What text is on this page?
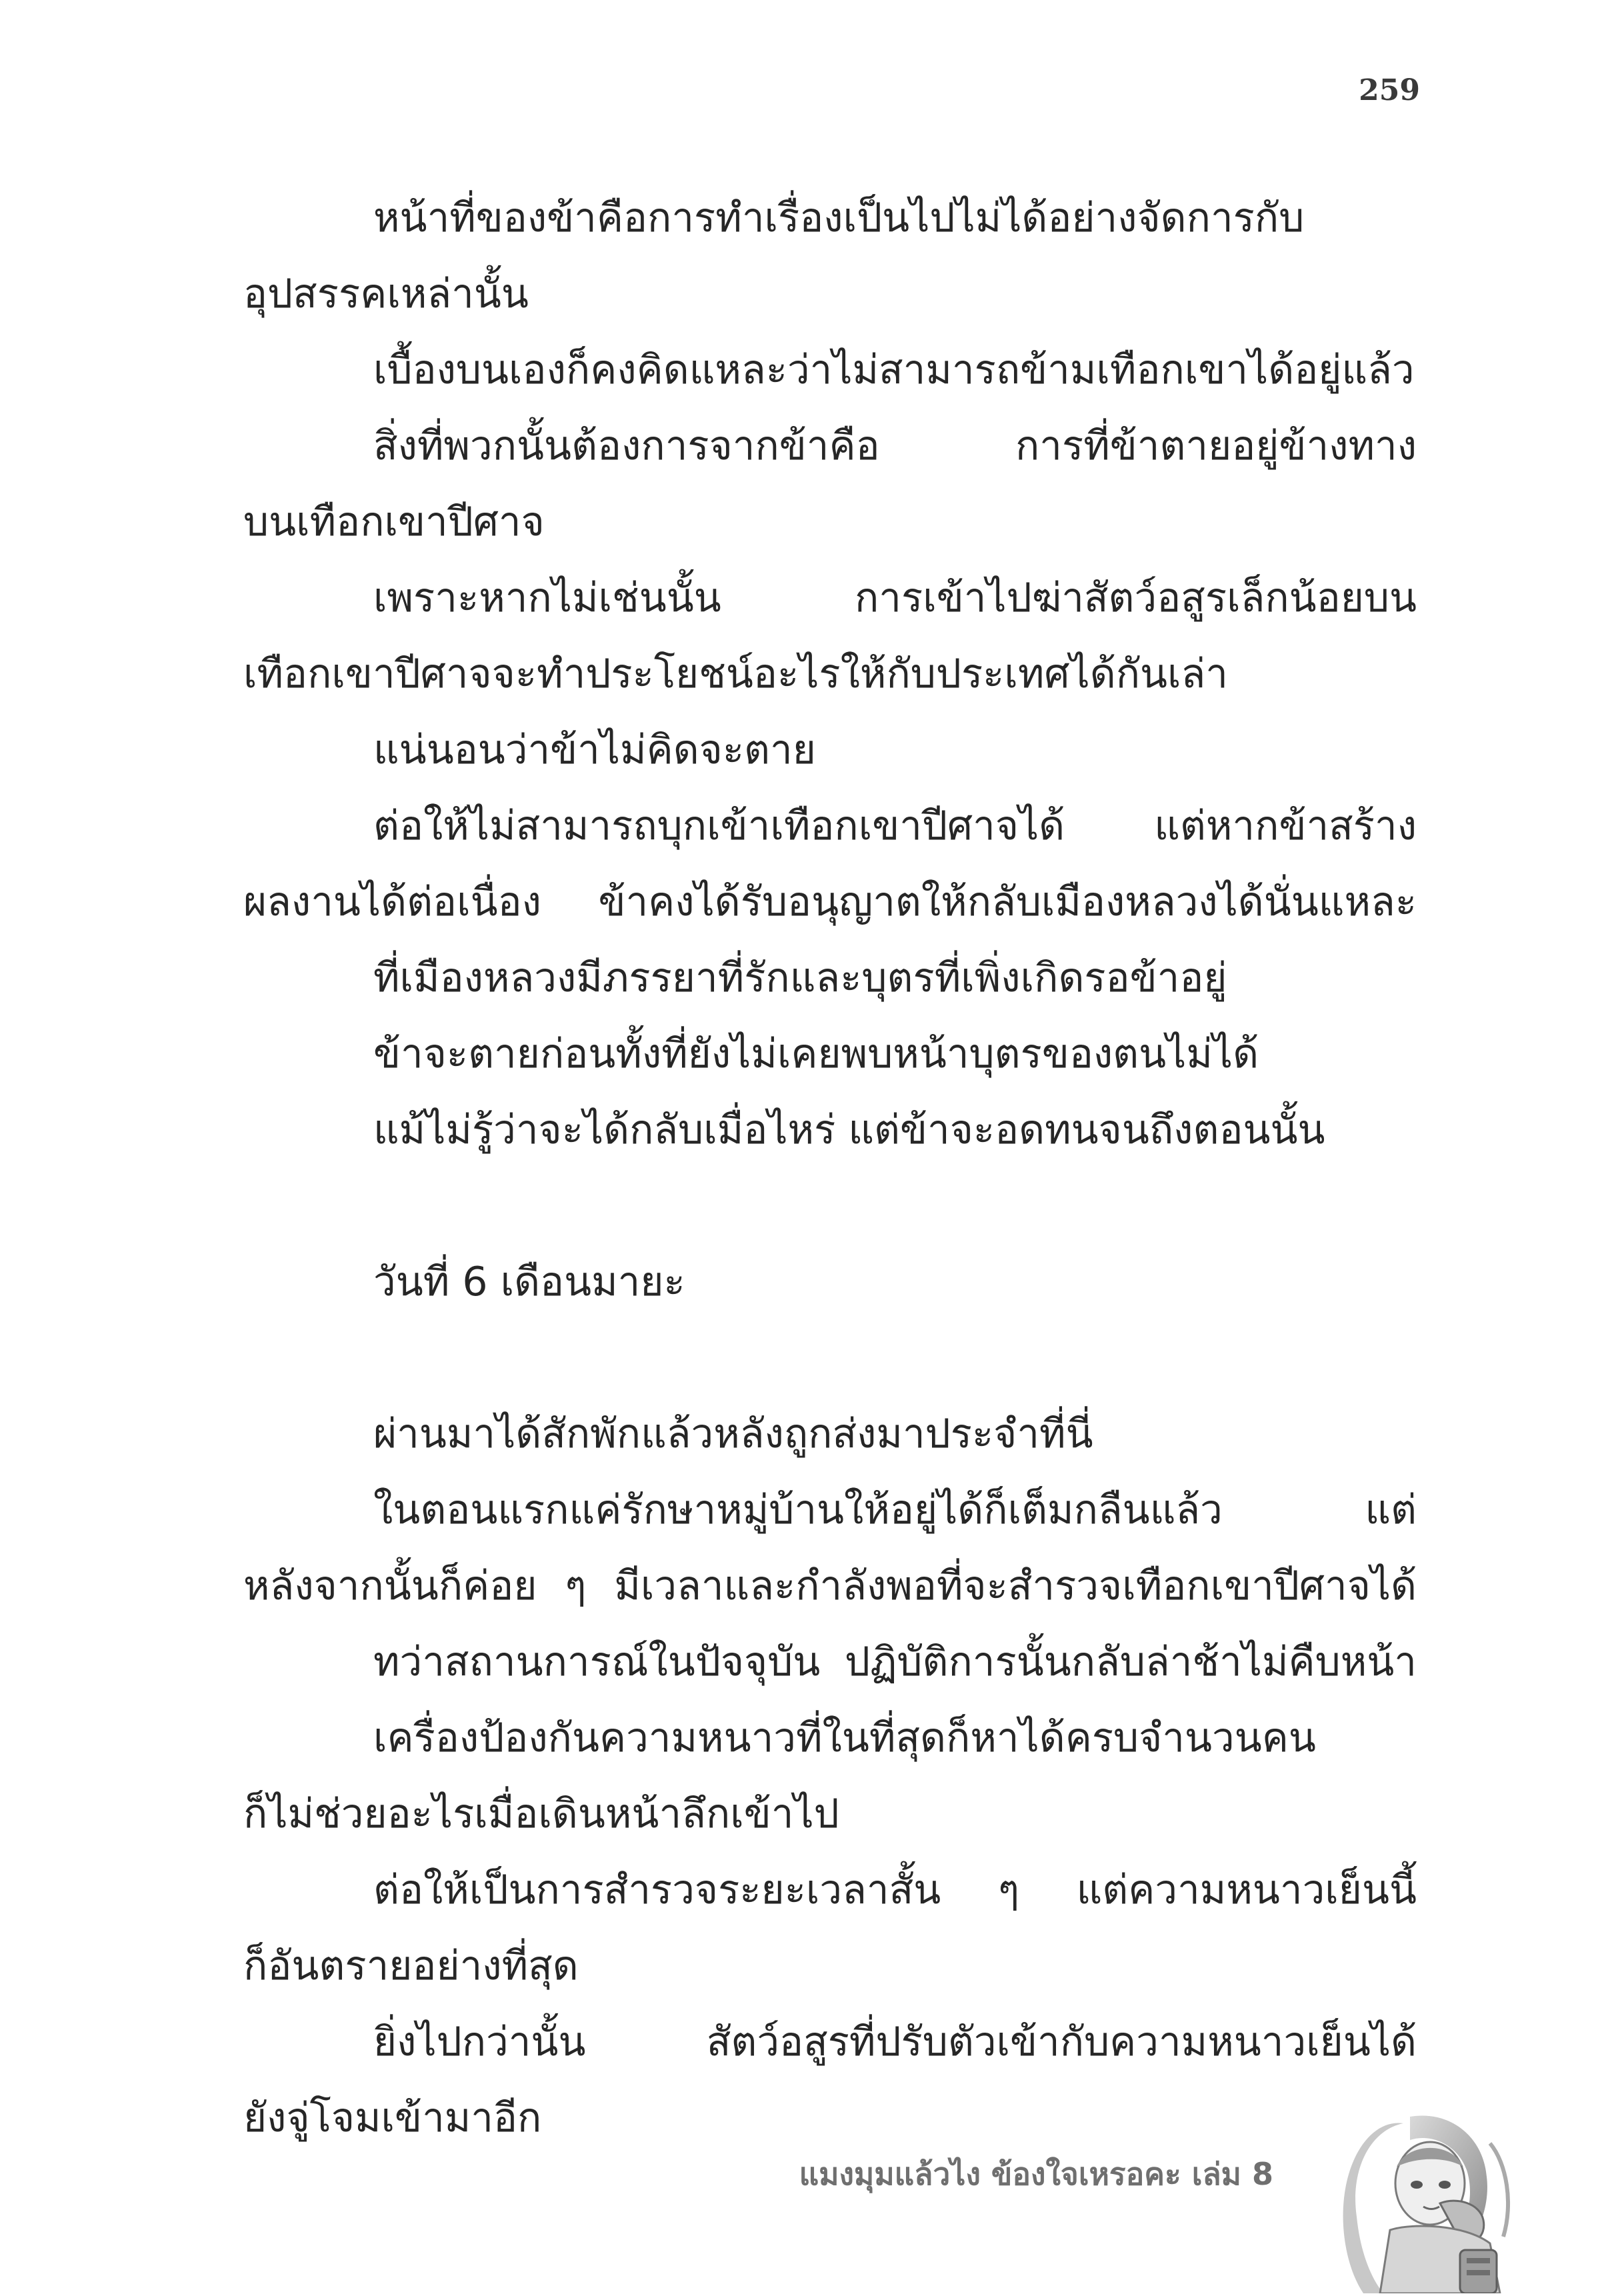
259
หน้าที่ของข้าคือการทำเรื่องเป็นไปไม่ได้อย่างจัดการกับ
อุปสรรคเหล่านั้น
เบื้องบนเองก็คงคิดแหละว่าไม่สามารถข้ามเทือกเขาได้อยู่แล้ว
สิ่งที่พวกนั้นต้องการจากข้าคือ การที่ข้าตายอยู่ข้างทาง
บนเทือกเขาปีศาจ
เพราะหากไม่เช่นนั้น การเข้าไปฆ่าสัตว์อสูรเล็กน้อยบน
เทือกเขาปีศาจจะทำประโยชน์อะไรให้กับประเทศได้กันเล่า
แน่นอนว่าข้าไม่คิดจะตาย
ต่อให้ไม่สามารถบุกเข้าเทือกเขาปีศาจได้ แต่หากข้าสร้าง
ผลงานได้ต่อเนื่อง ข้าคงได้รับอนุญาตให้กลับเมืองหลวงได้นั่นแหละ
ที่เมืองหลวงมีภรรยาที่รักและบุตรที่เพิ่งเกิดรอข้าอยู่
ข้าจะตายก่อนทั้งที่ยังไม่เคยพบหน้าบุตรของตนไม่ได้
แม้ไม่รู้ว่าจะได้กลับเมื่อไหร่ แต่ข้าจะอดทนจนถึงตอนนั้น
วันที่ 6 เดือนมายะ
ผ่านมาได้สักพักแล้วหลังถูกส่งมาประจำที่นี่
ในตอนแรกแค่รักษาหมู่บ้านให้อยู่ได้ก็เต็มกลืนแล้ว แต่
หลังจากนั้นก็ค่อย ๆ มีเวลาและกำลังพอที่จะสำรวจเทือกเขาปีศาจได้
ทว่าสถานการณ์ในปัจจุบัน ปฏิบัติการนั้นกลับล่าช้าไม่คืบหน้า
เครื่องป้องกันความหนาวที่ในที่สุดก็หาได้ครบจำนวนคน
ก็ไม่ช่วยอะไรเมื่อเดินหน้าลึกเข้าไป
ต่อให้เป็นการสำรวจระยะเวลาสั้น ๆ แต่ความหนาวเย็นนี้
ก็อันตรายอย่างที่สุด
ยิ่งไปกว่านั้น สัตว์อสูรที่ปรับตัวเข้ากับความหนาวเย็นได้
ยังจู่โจมเข้ามาอีก
แมงมุมแล้วไง ข้องใจเหรอคะ เล่ม 8
